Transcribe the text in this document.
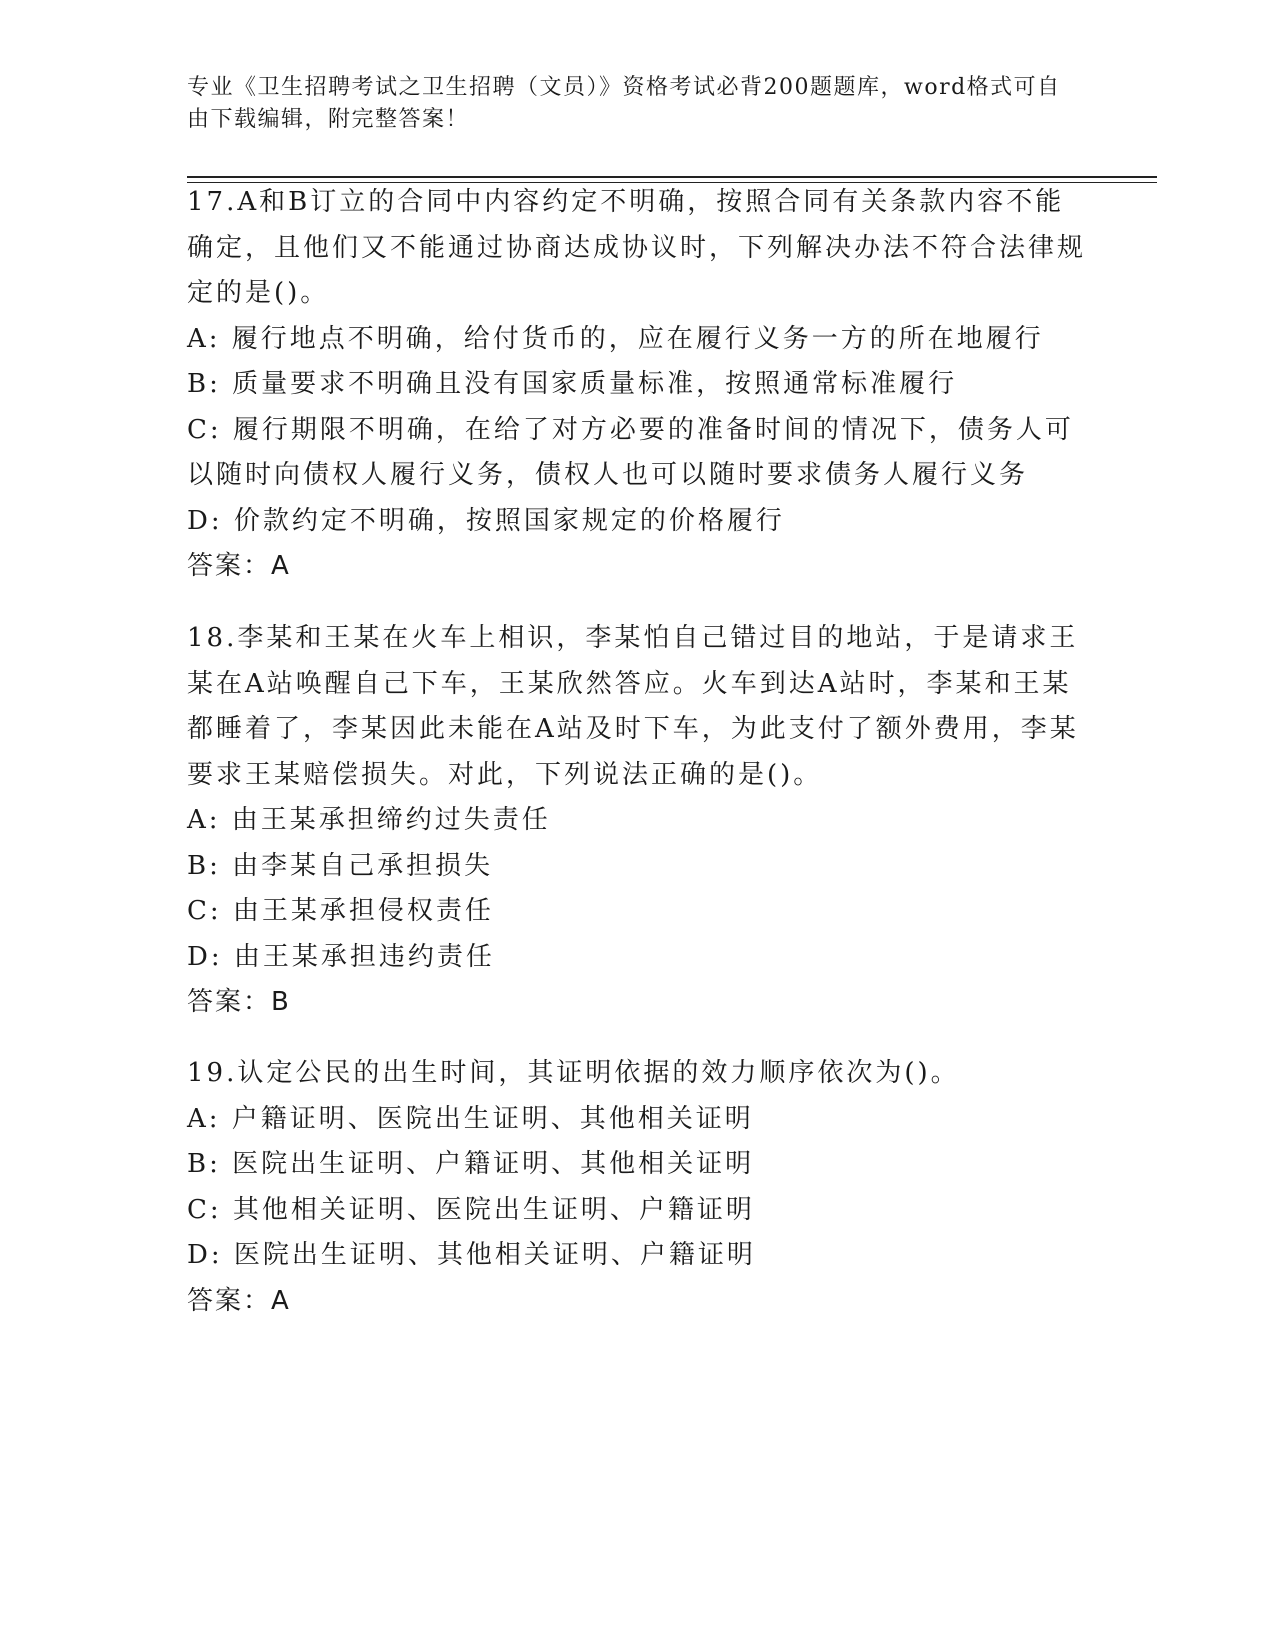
专业《卫生招聘考试之卫生招聘（文员）》资格考试必背200题题库，word格式可自由下载编辑，附完整答案！

17.A和B订立的合同中内容约定不明确，按照合同有关条款内容不能确定，且他们又不能通过协商达成协议时，下列解决办法不符合法律规定的是()。

A: 履行地点不明确，给付货币的，应在履行义务一方的所在地履行

B: 质量要求不明确且没有国家质量标准，按照通常标准履行

C: 履行期限不明确，在给了对方必要的准备时间的情况下，债务人可以随时向债权人履行义务，债权人也可以随时要求债务人履行义务

D: 价款约定不明确，按照国家规定的价格履行

答案：A

18.李某和王某在火车上相识，李某怕自己错过目的地站，于是请求王某在A站唤醒自己下车，王某欣然答应。火车到达A站时，李某和王某都睡着了，李某因此未能在A站及时下车，为此支付了额外费用，李某要求王某赔偿损失。对此，下列说法正确的是()。

A: 由王某承担缔约过失责任

B: 由李某自己承担损失

C: 由王某承担侵权责任

D: 由王某承担违约责任

答案：B

19.认定公民的出生时间，其证明依据的效力顺序依次为()。

A: 户籍证明、医院出生证明、其他相关证明

B: 医院出生证明、户籍证明、其他相关证明

C: 其他相关证明、医院出生证明、户籍证明

D: 医院出生证明、其他相关证明、户籍证明

答案：A
